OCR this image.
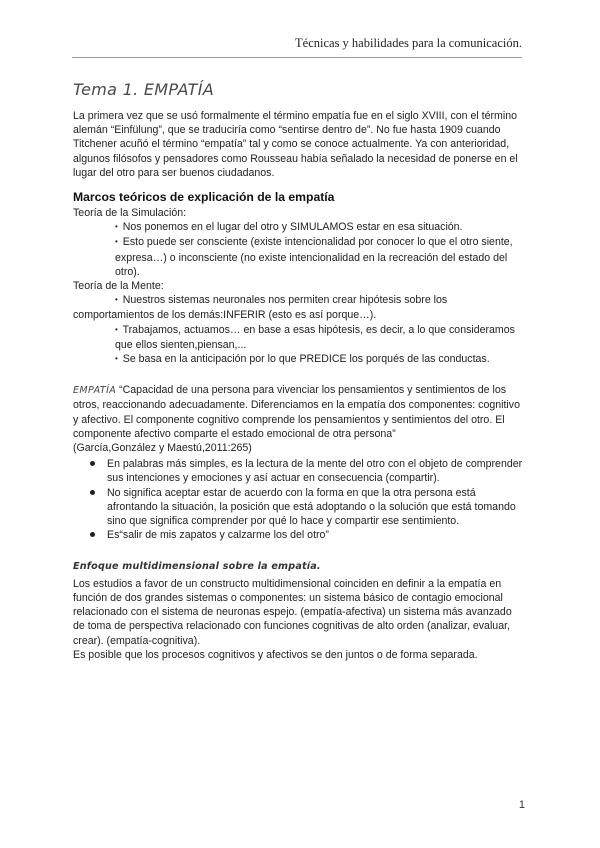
Técnicas y habilidades para la comunicación.
Tema 1. EMPATÍA

La primera vez que se usó formalmente el término empatía fue en el siglo XVIII, con el término alemán “Einfülung”, que se traduciría como “sentirse dentro de”. No fue hasta 1909 cuando Titchener acuñó el término “empatía” tal y como se conoce actualmente. Ya con anterioridad, algunos filósofos y pensadores como Rousseau había señalado la necesidad de ponerse en el lugar del otro para ser buenos ciudadanos.

Marcos teóricos de explicación de la empatía

Teoría de la Simulación:

• Nos ponemos en el lugar del otro y SIMULAMOS estar en esa situación.

• Esto puede ser consciente (existe intencionalidad por conocer lo que el otro siente, expresa…) o inconsciente (no existe intencionalidad en la recreación del estado del otro).

Teoría de la Mente:

• Nuestros sistemas neuronales nos permiten crear hipótesis sobre los comportamientos de los demás:INFERIR (esto es así porque…).

• Trabajamos, actuamos… en base a esas hipótesis, es decir, a lo que consideramos que ellos sienten,piensan,...

• Se basa en la anticipación por lo que PREDICE los porqués de las conductas.

EMPATÍA “Capacidad de una persona para vivenciar los pensamientos y sentimientos de los otros, reaccionando adecuadamente. Diferenciamos en la empatía dos componentes: cognitivo y afectivo. El componente cognitivo comprende los pensamientos y sentimientos del otro. El componente afectivo comparte el estado emocional de otra persona”

(García,González y Maestú,2011:265)

En palabras más simples, es la lectura de la mente del otro con el objeto de comprender sus intenciones y emociones y así actuar en consecuencia (compartir).
No significa aceptar estar de acuerdo con la forma en que la otra persona está afrontando la situación, la posición que está adoptando o la solución que está tomando sino que significa comprender por qué lo hace y compartir ese sentimiento.
Es“salir de mis zapatos y calzarme los del otro”
Enfoque multidimensional sobre la empatía.

Los estudios a favor de un constructo multidimensional coinciden en definir a la empatía en función de dos grandes sistemas o componentes: un sistema básico de contagio emocional relacionado con el sistema de neuronas espejo. (empatía-afectiva) un sistema más avanzado de toma de perspectiva relacionado con funciones cognitivas de alto orden (analizar, evaluar, crear). (empatía-cognitiva).

Es posible que los procesos cognitivos y afectivos se den juntos o de forma separada.

1
